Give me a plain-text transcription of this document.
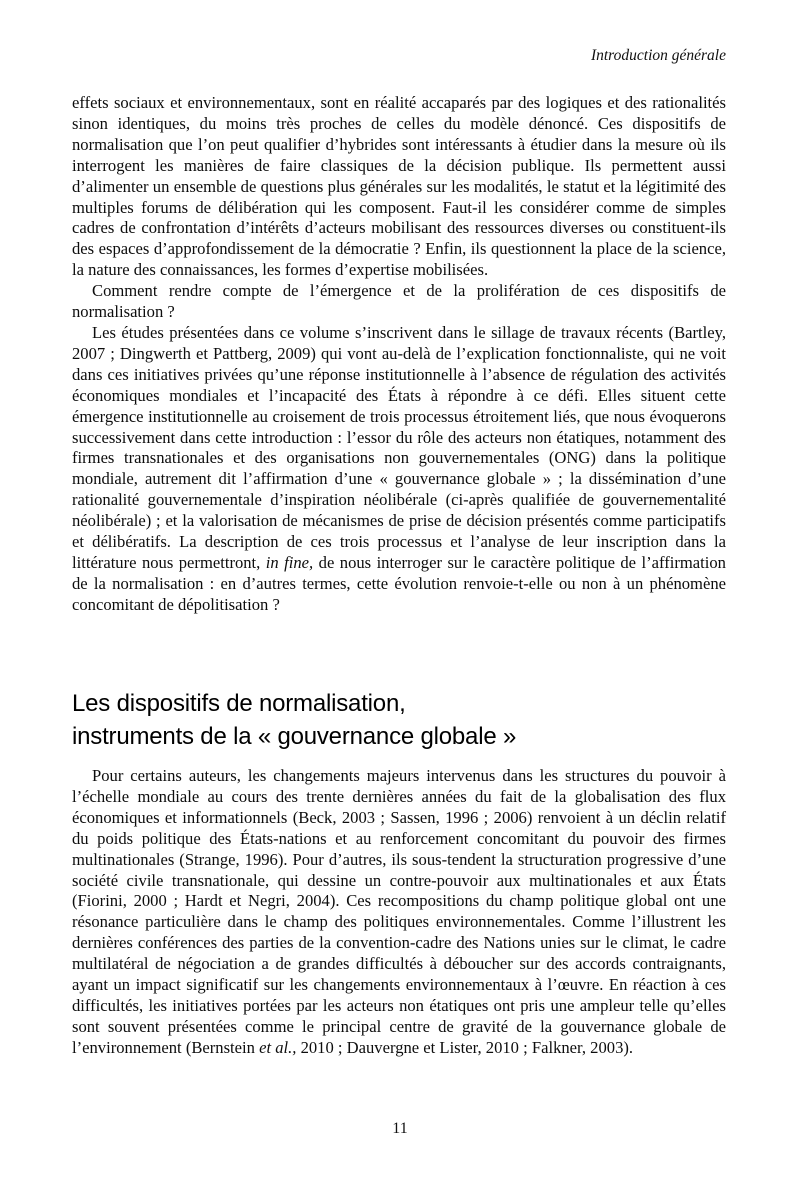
Introduction générale

effets sociaux et environnementaux, sont en réalité accaparés par des logiques et des rationalités sinon identiques, du moins très proches de celles du modèle dénoncé. Ces dispositifs de normalisation que l’on peut qualifier d’hybrides sont intéressants à étudier dans la mesure où ils interrogent les manières de faire classiques de la décision publique. Ils permettent aussi d’alimenter un ensemble de questions plus générales sur les modalités, le statut et la légitimité des multiples forums de délibération qui les composent. Faut-il les considérer comme de simples cadres de confrontation d’intérêts d’acteurs mobilisant des ressources diverses ou constituent-ils des espaces d’approfondissement de la démocratie ? Enfin, ils questionnent la place de la science, la nature des connaissances, les formes d’expertise mobilisées.

Comment rendre compte de l’émergence et de la prolifération de ces dispositifs de normalisation ?

Les études présentées dans ce volume s’inscrivent dans le sillage de travaux récents (Bartley, 2007 ; Dingwerth et Pattberg, 2009) qui vont au-delà de l’explication fonctionnaliste, qui ne voit dans ces initiatives privées qu’une réponse institutionnelle à l’absence de régulation des activités économiques mondiales et l’incapacité des États à répondre à ce défi. Elles situent cette émergence institutionnelle au croisement de trois processus étroitement liés, que nous évoquerons successivement dans cette introduction : l’essor du rôle des acteurs non étatiques, notamment des firmes transnationales et des organisations non gouvernementales (ONG) dans la politique mondiale, autrement dit l’affirmation d’une « gouvernance globale » ; la dissémination d’une rationalité gouvernementale d’inspiration néolibérale (ci-après qualifiée de gouvernementalité néolibérale) ; et la valorisation de mécanismes de prise de décision présentés comme participatifs et délibératifs. La description de ces trois processus et l’analyse de leur inscription dans la littérature nous permettront, in fine, de nous interroger sur le caractère politique de l’affirmation de la normalisation : en d’autres termes, cette évolution renvoie-t-elle ou non à un phénomène concomitant de dépolitisation ?

Les dispositifs de normalisation,
instruments de la « gouvernance globale »

Pour certains auteurs, les changements majeurs intervenus dans les structures du pouvoir à l’échelle mondiale au cours des trente dernières années du fait de la globalisation des flux économiques et informationnels (Beck, 2003 ; Sassen, 1996 ; 2006) renvoient à un déclin relatif du poids politique des États-nations et au renforcement concomitant du pouvoir des firmes multinationales (Strange, 1996). Pour d’autres, ils sous-tendent la structuration progressive d’une société civile transnationale, qui dessine un contre-pouvoir aux multinationales et aux États (Fiorini, 2000 ; Hardt et Negri, 2004). Ces recompositions du champ politique global ont une résonance particulière dans le champ des politiques environnementales. Comme l’illustrent les dernières conférences des parties de la convention-cadre des Nations unies sur le climat, le cadre multilatéral de négociation a de grandes difficultés à déboucher sur des accords contraignants, ayant un impact significatif sur les changements environnementaux à l’œuvre. En réaction à ces difficultés, les initiatives portées par les acteurs non étatiques ont pris une ampleur telle qu’elles sont souvent présentées comme le principal centre de gravité de la gouvernance globale de l’environnement (Bernstein et al., 2010 ; Dauvergne et Lister, 2010 ; Falkner, 2003).

11
